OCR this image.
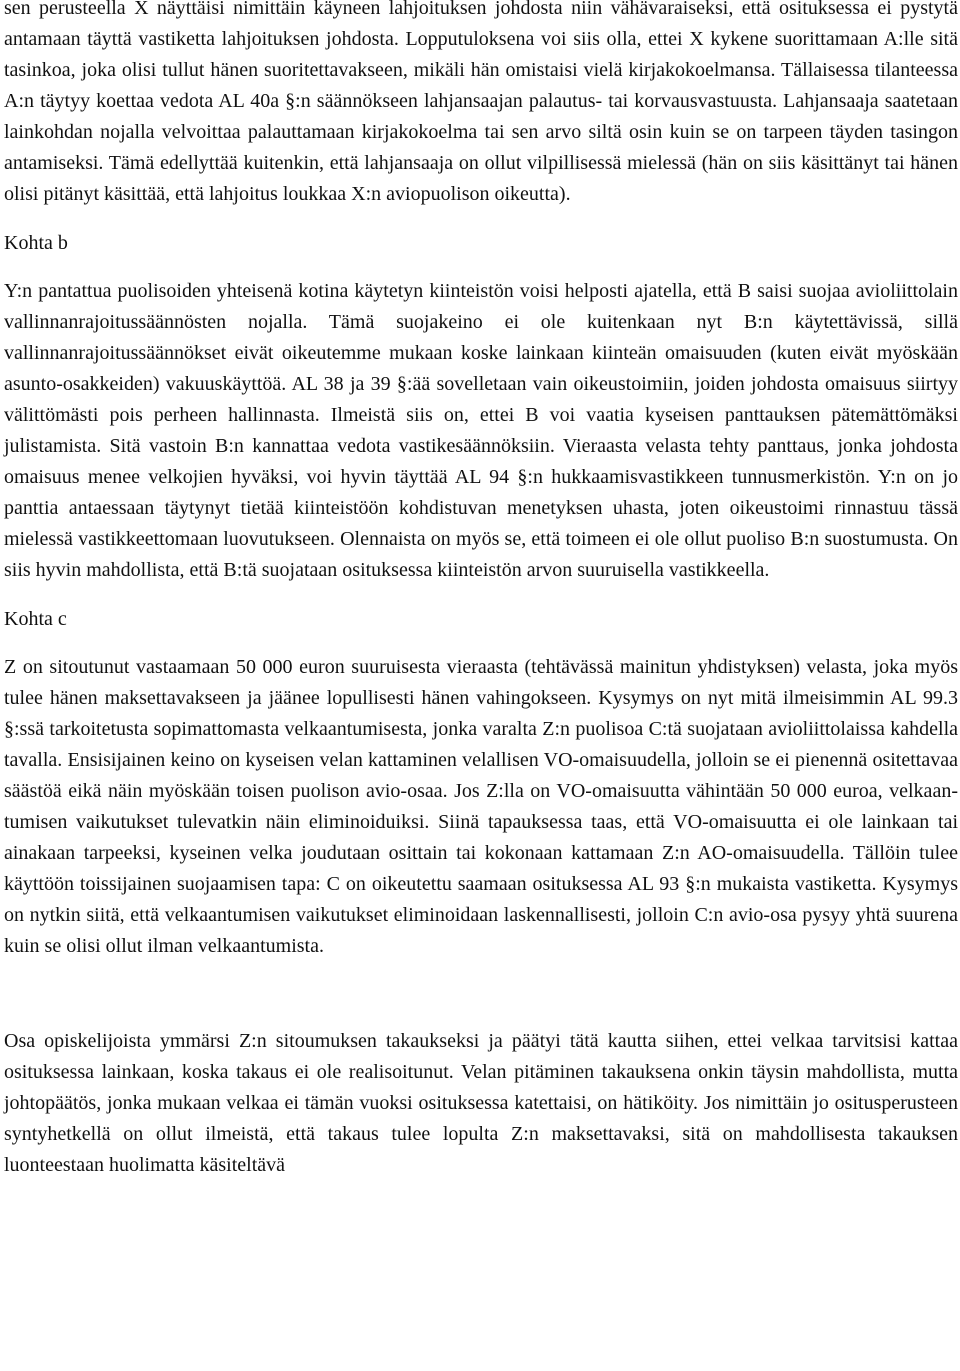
sen perusteella X näyttäisi nimittäin käyneen lahjoituksen johdosta niin vähävaraiseksi, että osituksessa ei pystytä antamaan täyttä vastiketta lahjoituksen johdosta. Lopputuloksena voi siis olla, ettei X kykene suorittamaan A:lle sitä tasinkoa, joka olisi tullut hänen suoritettavakseen, mikäli hän omistaisi vielä kirjakokoelmansa. Tällaisessa tilanteessa A:n täytyy koettaa vedota AL 40a §:n säännökseen lahjansaajan palautus- tai korvausvastuusta. Lahjansaaja saatetaan lainkohdan nojalla velvoittaa palauttamaan kirjakokoelma tai sen arvo siltä osin kuin se on tarpeen täyden tasingon antamiseksi. Tämä edellyttää kuitenkin, että lahjansaaja on ollut vilpillisessä mielessä (hän on siis käsittänyt tai hänen olisi pitänyt käsittää, että lahjoitus loukkaa X:n aviopuolison oikeutta).

Kohta b

Y:n pantattua puolisoiden yhteisenä kotina käytetyn kiinteistön voisi helposti ajatella, että B saisi suojaa avioliittolain vallinnanrajoitussäännösten nojalla. Tämä suojakeino ei ole kuitenkaan nyt B:n käytettävissä, sillä vallinnanrajoitussäännökset eivät oikeutemme mukaan koske lainkaan kiinteän omaisuuden (kuten eivät myöskään asunto-osakkeiden) vakuuskäyttöä. AL 38 ja 39 §:ää sovelletaan vain oikeustoimiin, joiden johdosta omaisuus siirtyy välittömästi pois perheen hallinnasta. Ilmeistä siis on, ettei B voi vaatia kyseisen panttauksen pätemättömäksi julistamista. Sitä vastoin B:n kannattaa vedota vastikesäännöksiin. Vieraasta velasta tehty panttaus, jonka johdosta omaisuus menee velkojien hyväksi, voi hyvin täyttää AL 94 §:n hukkaamisvastikkeen tunnusmerkistön. Y:n on jo panttia antaessaan täytynyt tietää kiinteistöön kohdistuvan menetyksen uhasta, joten oikeustoimi rinnastuu tässä mielessä vastikkeettomaan luovutukseen. Olennaista on myös se, että toimeen ei ole ollut puoliso B:n suostumusta. On siis hyvin mahdollista, että B:tä suojataan osituksessa kiinteistön arvon suuruisella vastikkeella.

Kohta c

Z on sitoutunut vastaamaan 50 000 euron suuruisesta vieraasta (tehtävässä mainitun yhdistyksen) velasta, joka myös tulee hänen maksettavakseen ja jäänee lopullisesti hänen vahingokseen. Kysymys on nyt mitä ilmeisimmin AL 99.3 §:ssä tarkoitetusta sopimattomasta velkaantumisesta, jonka varalta Z:n puolisoa C:tä suojataan avioliittolaissa kahdella tavalla. Ensisijainen keino on kyseisen velan kattaminen velallisen VO-omaisuudella, jolloin se ei pienennä ositettavaa säästöä eikä näin myöskään toisen puolison avio-osaa. Jos Z:lla on VO-omaisuutta vähintään 50 000 euroa, velkaantumisen vaikutukset tulevatkin näin eliminoiduiksi. Siinä tapauksessa taas, että VO-omaisuutta ei ole lainkaan tai ainakaan tarpeeksi, kyseinen velka joudutaan osittain tai kokonaan kattamaan Z:n AO-omaisuudella. Tällöin tulee käyttöön toissijainen suojaamisen tapa: C on oikeutettu saamaan osituksessa AL 93 §:n mukaista vastiketta. Kysymys on nytkin siitä, että velkaantumisen vaikutukset eliminoidaan laskennallisesti, jolloin C:n avio-osa pysyy yhtä suurena kuin se olisi ollut ilman velkaantumista.

Osa opiskelijoista ymmärsi Z:n sitoumuksen takaukseksi ja päätyi tätä kautta siihen, ettei velkaa tarvitsisi kattaa osituksessa lainkaan, koska takaus ei ole realisoitunut. Velan pitäminen takauksena onkin täysin mahdollista, mutta johtopäätös, jonka mukaan velkaa ei tämän vuoksi osituksessa katettaisi, on hätiköity. Jos nimittäin jo ositusperusteen syntyhetkellä on ollut ilmeistä, että takaus tulee lopulta Z:n maksettavaksi, sitä on mahdollisesta takauksen luonteestaan huolimatta käsiteltävä
